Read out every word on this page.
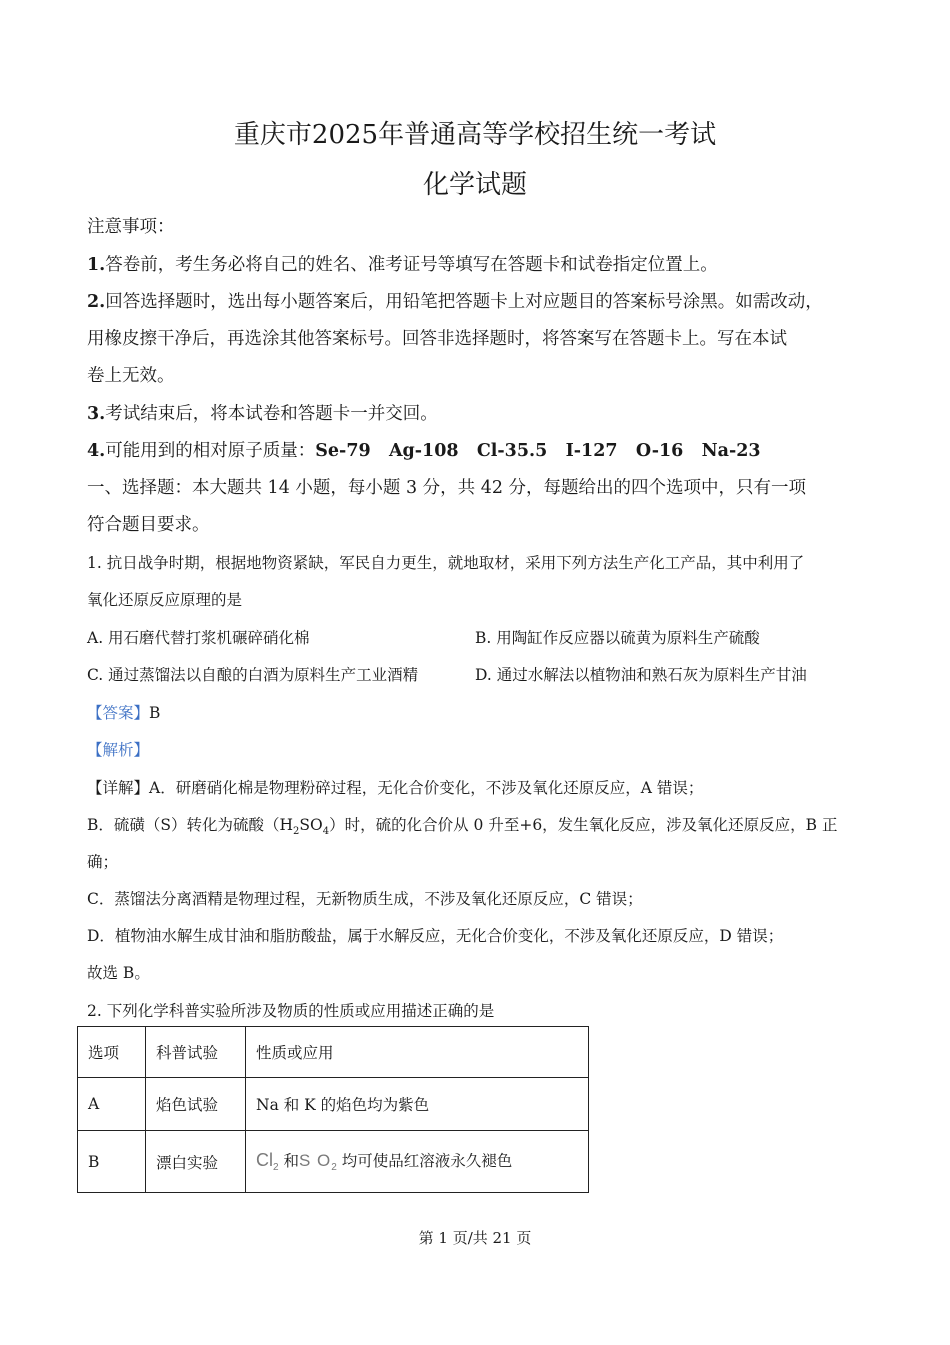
重庆市2025年普通高等学校招生统一考试
化学试题
注意事项：
1.答卷前，考生务必将自己的姓名、准考证号等填写在答题卡和试卷指定位置上。
2.回答选择题时，选出每小题答案后，用铅笔把答题卡上对应题目的答案标号涂黑。如需改动，
用橡皮擦干净后，再选涂其他答案标号。回答非选择题时，将答案写在答题卡上。写在本试
卷上无效。
3.考试结束后，将本试卷和答题卡一并交回。
4.可能用到的相对原子质量：Se-79   Ag-108   Cl-35.5   I-127   O-16   Na-23
一、选择题：本大题共 14 小题，每小题 3 分，共 42 分，每题给出的四个选项中，只有一项
符合题目要求。
1. 抗日战争时期，根据地物资紧缺，军民自力更生，就地取材，采用下列方法生产化工产品，其中利用了
氧化还原反应原理的是
A. 用石磨代替打浆机碾碎硝化棉	B. 用陶缸作反应器以硫黄为原料生产硫酸
C. 通过蒸馏法以自酿的白酒为原料生产工业酒精	D. 通过水解法以植物油和熟石灰为原料生产甘油
【答案】B
【解析】
【详解】A．研磨硝化棉是物理粉碎过程，无化合价变化，不涉及氧化还原反应，A 错误；
B．硫磺（S）转化为硫酸$(H_2SO_4)$时，硫的化合价从 0 升至+6，发生氧化反应，涉及氧化还原反应，B 正
确；
C．蒸馏法分离酒精是物理过程，无新物质生成，不涉及氧化还原反应，C 错误；
D．植物油水解生成甘油和脂肪酸盐，属于水解反应，无化合价变化，不涉及氧化还原反应，D 错误；
故选 B。
2. 下列化学科普实验所涉及物质的性质或应用描述正确的是
选项	科普试验	性质或应用
A	焰色试验	Na 和 K 的焰色均为紫色
B	漂白实验	$Cl_2$ 和S $O_2$ 均可使品红溶液永久褪色
第 1 页/共 21 页
